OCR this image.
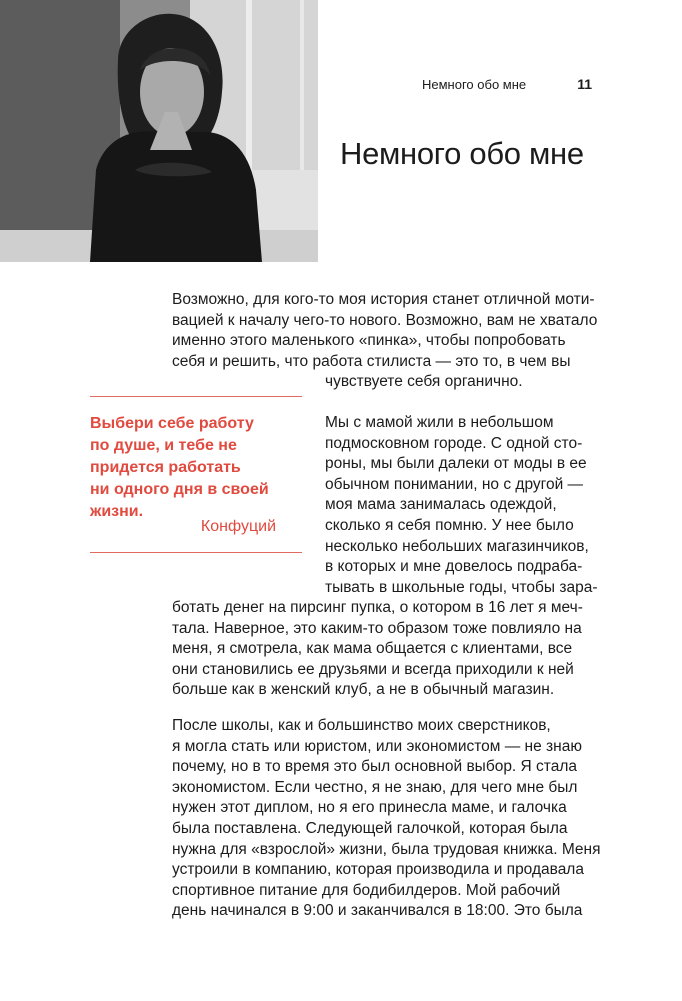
Немного обо мне	11
Немного обо мне
Возможно, для кого-то моя история станет отличной моти-
вацией к началу чего-то нового. Возможно, вам не хватало
именно этого маленького «пинка», чтобы попробовать
себя и решить, что работа стилиста — это то, в чем вы
чувствуете себя органично.
Выбери себе работу
по душе, и тебе не
придется работать
ни одного дня в своей
жизни.
Конфуций
Мы с мамой жили в небольшом
подмосковном городе. С одной сто-
роны, мы были далеки от моды в ее
обычном понимании, но с другой —
моя мама занималась одеждой,
сколько я себя помню. У нее было
несколько небольших магазинчиков,
в которых и мне довелось подраба-
тывать в школьные годы, чтобы зара-
ботать денег на пирсинг пупка, о котором в 16 лет я меч-
тала. Наверное, это каким-то образом тоже повлияло на
меня, я смотрела, как мама общается с клиентами, все
они становились ее друзьями и всегда приходили к ней
больше как в женский клуб, а не в обычный магазин.
После школы, как и большинство моих сверстников,
я могла стать или юристом, или экономистом — не знаю
почему, но в то время это был основной выбор. Я стала
экономистом. Если честно, я не знаю, для чего мне был
нужен этот диплом, но я его принесла маме, и галочка
была поставлена. Следующей галочкой, которая была
нужна для «взрослой» жизни, была трудовая книжка. Меня
устроили в компанию, которая производила и продавала
спортивное питание для бодибилдеров. Мой рабочий
день начинался в 9:00 и заканчивался в 18:00. Это была
